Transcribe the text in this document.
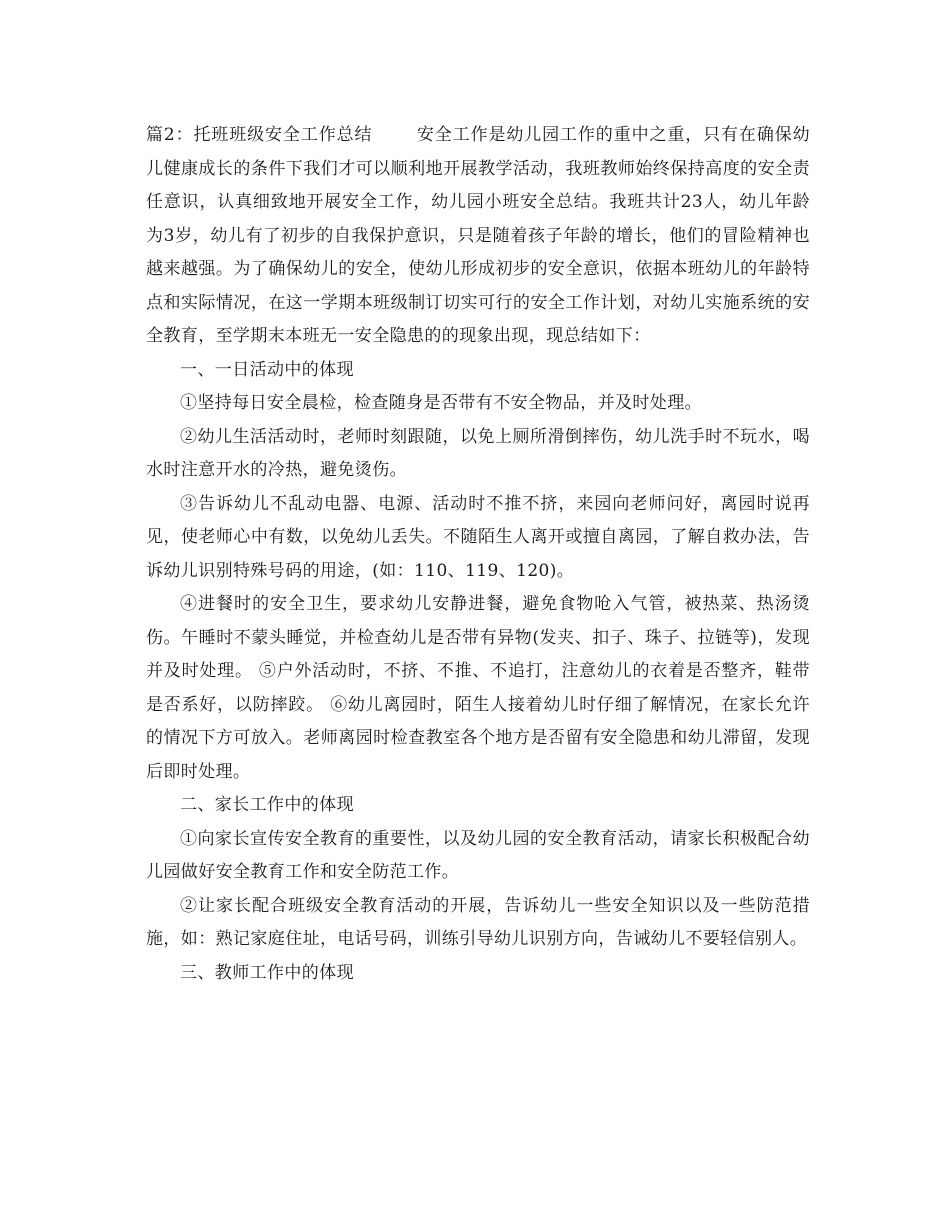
篇2：托班班级安全工作总结	安全工作是幼儿园工作的重中之重，只有在确保幼儿健康成长的条件下我们才可以顺利地开展教学活动，我班教师始终保持高度的安全责任意识，认真细致地开展安全工作，幼儿园小班安全总结。我班共计23人，幼儿年龄为3岁，幼儿有了初步的自我保护意识，只是随着孩子年龄的增长，他们的冒险精神也越来越强。为了确保幼儿的安全，使幼儿形成初步的安全意识，依据本班幼儿的年龄特点和实际情况，在这一学期本班级制订切实可行的安全工作计划，对幼儿实施系统的安全教育，至学期末本班无一安全隐患的的现象出现，现总结如下：

一、一日活动中的体现

①坚持每日安全晨检，检查随身是否带有不安全物品，并及时处理。

②幼儿生活活动时，老师时刻跟随，以免上厕所滑倒摔伤，幼儿洗手时不玩水，喝水时注意开水的冷热，避免烫伤。

③告诉幼儿不乱动电器、电源、活动时不推不挤，来园向老师问好，离园时说再见，使老师心中有数，以免幼儿丢失。不随陌生人离开或擅自离园，了解自救办法，告诉幼儿识别特殊号码的用途，(如：110、119、120)。

④进餐时的安全卫生，要求幼儿安静进餐，避免食物呛入气管，被热菜、热汤烫伤。午睡时不蒙头睡觉，并检查幼儿是否带有异物(发夹、扣子、珠子、拉链等)，发现并及时处理。 ⑤户外活动时，不挤、不推、不追打，注意幼儿的衣着是否整齐，鞋带是否系好，以防摔跤。 ⑥幼儿离园时，陌生人接着幼儿时仔细了解情况，在家长允许的情况下方可放入。老师离园时检查教室各个地方是否留有安全隐患和幼儿滞留，发现后即时处理。

二、家长工作中的体现

①向家长宣传安全教育的重要性，以及幼儿园的安全教育活动，请家长积极配合幼儿园做好安全教育工作和安全防范工作。

②让家长配合班级安全教育活动的开展，告诉幼儿一些安全知识以及一些防范措施，如：熟记家庭住址，电话号码，训练引导幼儿识别方向，告诫幼儿不要轻信别人。

三、教师工作中的体现
